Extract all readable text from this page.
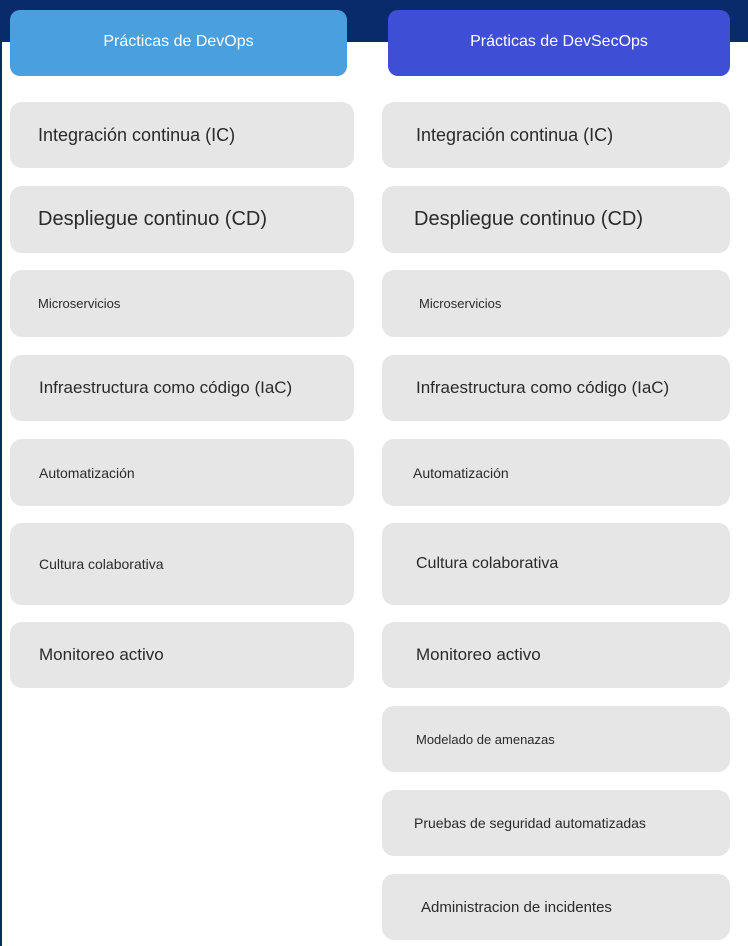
Prácticas de DevOps	Prácticas de DevSecOps
Integración continua (IC)
Despliegue continuo (CD)
Microservicios
Infraestructura como código (IaC)
Automatización
Cultura colaborativa
Monitoreo activo
Integración continua (IC)
Despliegue continuo (CD)
Microservicios
Infraestructura como código (IaC)
Automatización
Cultura colaborativa
Monitoreo activo
Modelado de amenazas
Pruebas de seguridad automatizadas
Administracion de incidentes
